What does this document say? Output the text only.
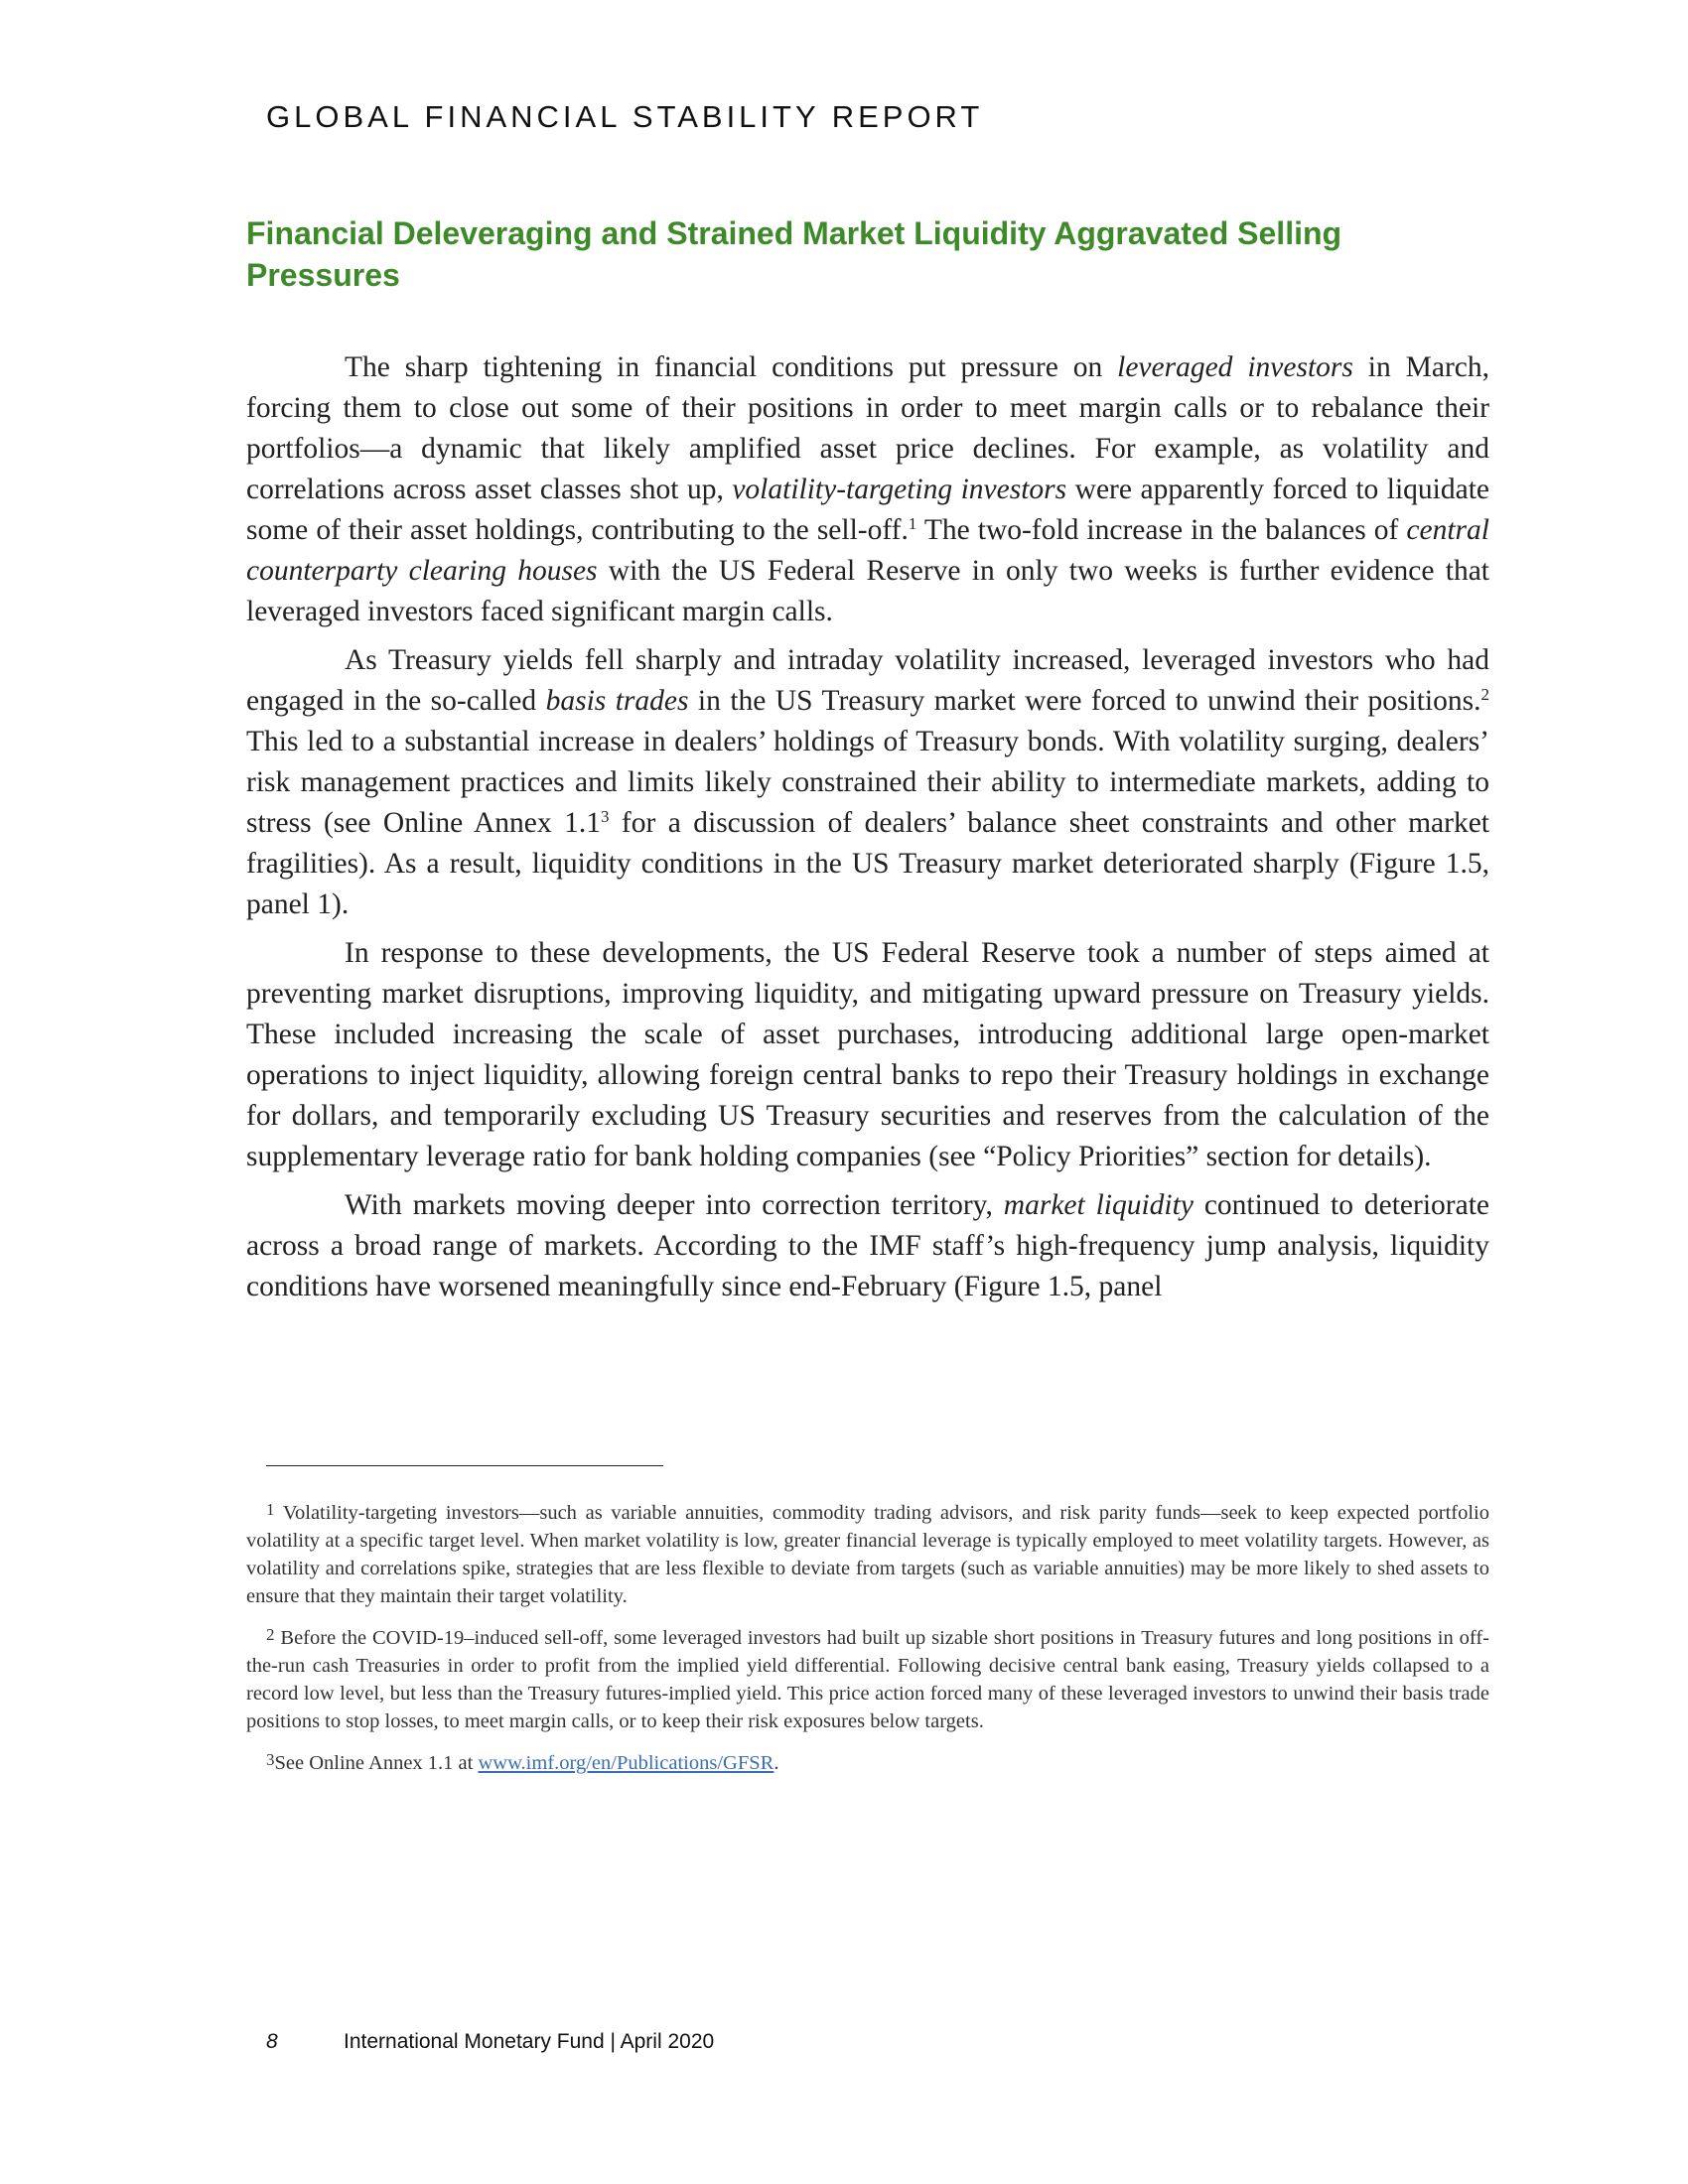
GLOBAL FINANCIAL STABILITY REPORT
Financial Deleveraging and Strained Market Liquidity Aggravated Selling Pressures

The sharp tightening in financial conditions put pressure on leveraged investors in March, forcing them to close out some of their positions in order to meet margin calls or to rebalance their portfolios—a dynamic that likely amplified asset price declines. For example, as volatility and correlations across asset classes shot up, volatility-targeting investors were apparently forced to liquidate some of their asset holdings, contributing to the sell-off.$^1$ The two-fold increase in the balances of central counterparty clearing houses with the US Federal Reserve in only two weeks is further evidence that leveraged investors faced significant margin calls.

As Treasury yields fell sharply and intraday volatility increased, leveraged investors who had engaged in the so-called basis trades in the US Treasury market were forced to unwind their positions.$^2$ This led to a substantial increase in dealers’ holdings of Treasury bonds. With volatility surging, dealers’ risk management practices and limits likely constrained their ability to intermediate markets, adding to stress (see Online Annex 1.1$^3$ for a discussion of dealers’ balance sheet constraints and other market fragilities). As a result, liquidity conditions in the US Treasury market deteriorated sharply (Figure 1.5, panel 1).

In response to these developments, the US Federal Reserve took a number of steps aimed at preventing market disruptions, improving liquidity, and mitigating upward pressure on Treasury yields. These included increasing the scale of asset purchases, introducing additional large open-market operations to inject liquidity, allowing foreign central banks to repo their Treasury holdings in exchange for dollars, and temporarily excluding US Treasury securities and reserves from the calculation of the supplementary leverage ratio for bank holding companies (see “Policy Priorities” section for details).

With markets moving deeper into correction territory, market liquidity continued to deteriorate across a broad range of markets. According to the IMF staff’s high-frequency jump analysis, liquidity conditions have worsened meaningfully since end-February (Figure 1.5, panel

1 Volatility-targeting investors—such as variable annuities, commodity trading advisors, and risk parity funds—seek to keep expected portfolio volatility at a specific target level. When market volatility is low, greater financial leverage is typically employed to meet volatility targets. However, as volatility and correlations spike, strategies that are less flexible to deviate from targets (such as variable annuities) may be more likely to shed assets to ensure that they maintain their target volatility.

2 Before the COVID-19–induced sell-off, some leveraged investors had built up sizable short positions in Treasury futures and long positions in off-the-run cash Treasuries in order to profit from the implied yield differential. Following decisive central bank easing, Treasury yields collapsed to a record low level, but less than the Treasury futures-implied yield. This price action forced many of these leveraged investors to unwind their basis trade positions to stop losses, to meet margin calls, or to keep their risk exposures below targets.

3See Online Annex 1.1 at www.imf.org/en/Publications/GFSR.

8	International Monetary Fund | April 2020
